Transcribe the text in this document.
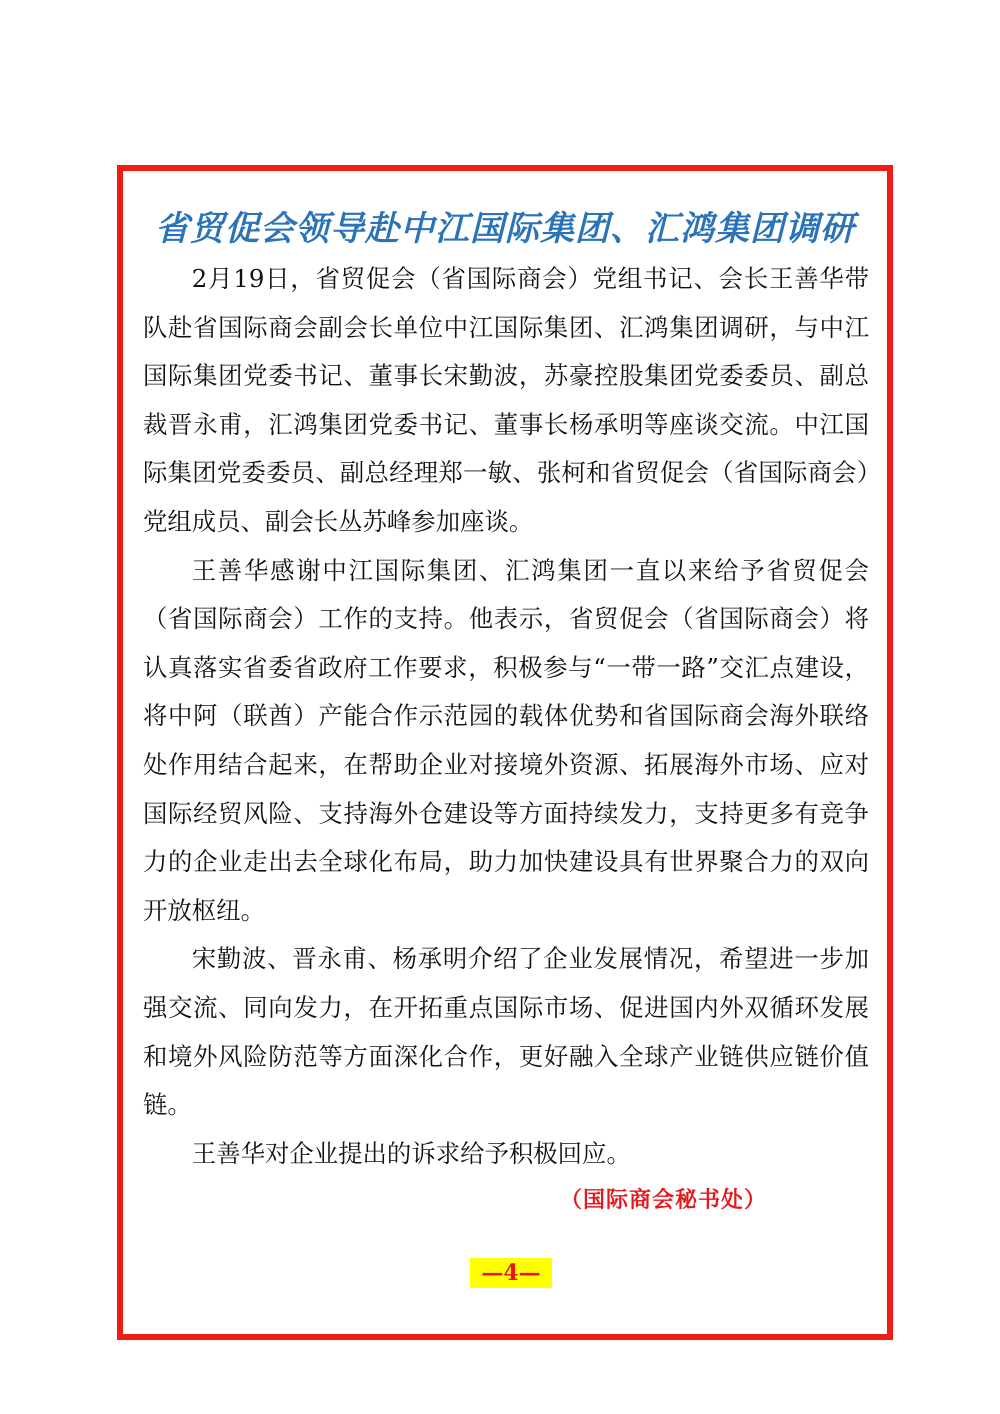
省贸促会领导赴中江国际集团、汇鸿集团调研

2月19日，省贸促会（省国际商会）党组书记、会长王善华带队赴省国际商会副会长单位中江国际集团、汇鸿集团调研，与中江国际集团党委书记、董事长宋勤波，苏豪控股集团党委委员、副总裁晋永甫，汇鸿集团党委书记、董事长杨承明等座谈交流。中江国际集团党委委员、副总经理郑一敏、张柯和省贸促会（省国际商会）党组成员、副会长丛苏峰参加座谈。

王善华感谢中江国际集团、汇鸿集团一直以来给予省贸促会（省国际商会）工作的支持。他表示，省贸促会（省国际商会）将认真落实省委省政府工作要求，积极参与“一带一路”交汇点建设，将中阿（联酋）产能合作示范园的载体优势和省国际商会海外联络处作用结合起来，在帮助企业对接境外资源、拓展海外市场、应对国际经贸风险、支持海外仓建设等方面持续发力，支持更多有竞争力的企业走出去全球化布局，助力加快建设具有世界聚合力的双向开放枢纽。

宋勤波、晋永甫、杨承明介绍了企业发展情况，希望进一步加强交流、同向发力，在开拓重点国际市场、促进国内外双循环发展和境外风险防范等方面深化合作，更好融入全球产业链供应链价值链。

王善华对企业提出的诉求给予积极回应。

（国际商会秘书处）
—4—
